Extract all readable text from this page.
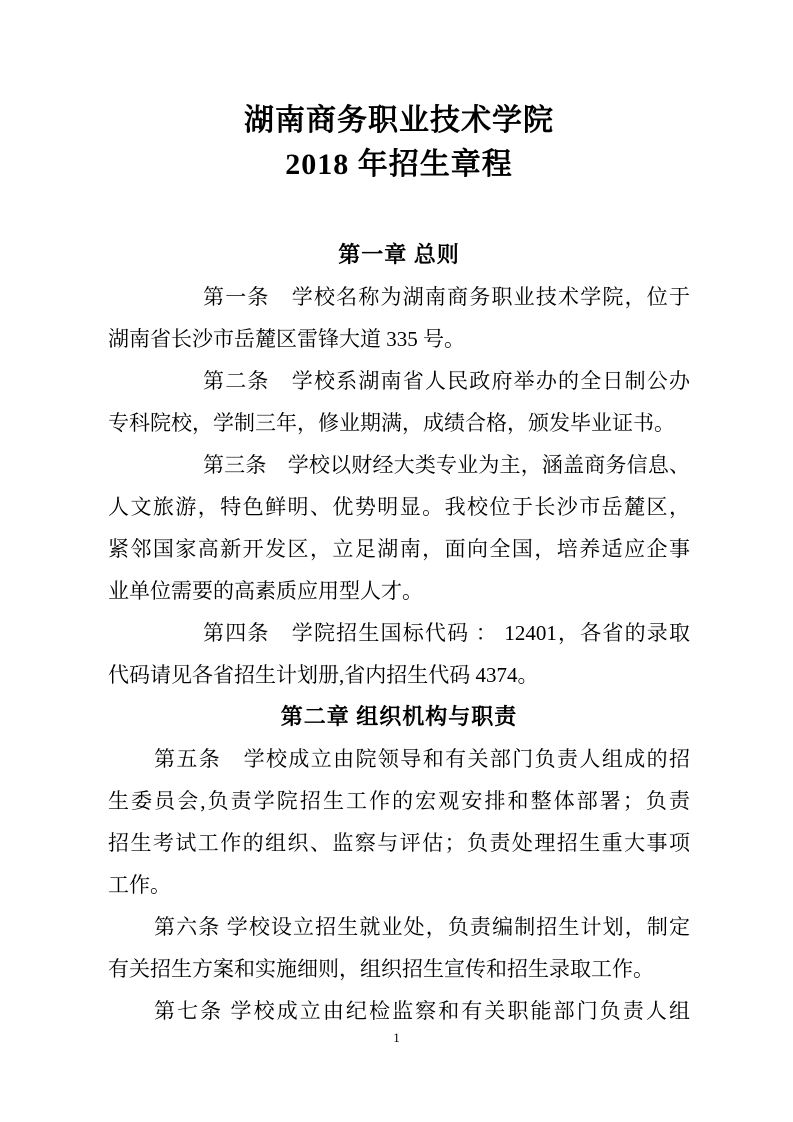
湖南商务职业技术学院
2018 年招生章程
第一章 总则

第一条　学校名称为湖南商务职业技术学院，位于
湖南省长沙市岳麓区雷锋大道 335 号。

第二条　学校系湖南省人民政府举办的全日制公办
专科院校，学制三年，修业期满，成绩合格，颁发毕业证书。

第三条　学校以财经大类专业为主，涵盖商务信息、
人文旅游，特色鲜明、优势明显。我校位于长沙市岳麓区，
紧邻国家高新开发区，立足湖南，面向全国，培养适应企事
业单位需要的高素质应用型人才。

第四条　学院招生国标代码 ： 12401，各省的录取
代码请见各省招生计划册,省内招生代码 4374。

第二章 组织机构与职责

第五条　学校成立由院领导和有关部门负责人组成的招
生委员会,负责学院招生工作的宏观安排和整体部署；负责
招生考试工作的组织、监察与评估；负责处理招生重大事项
工作。

第六条 学校设立招生就业处，负责编制招生计划，制定
有关招生方案和实施细则，组织招生宣传和招生录取工作。

第七条 学校成立由纪检监察和有关职能部门负责人组

1
